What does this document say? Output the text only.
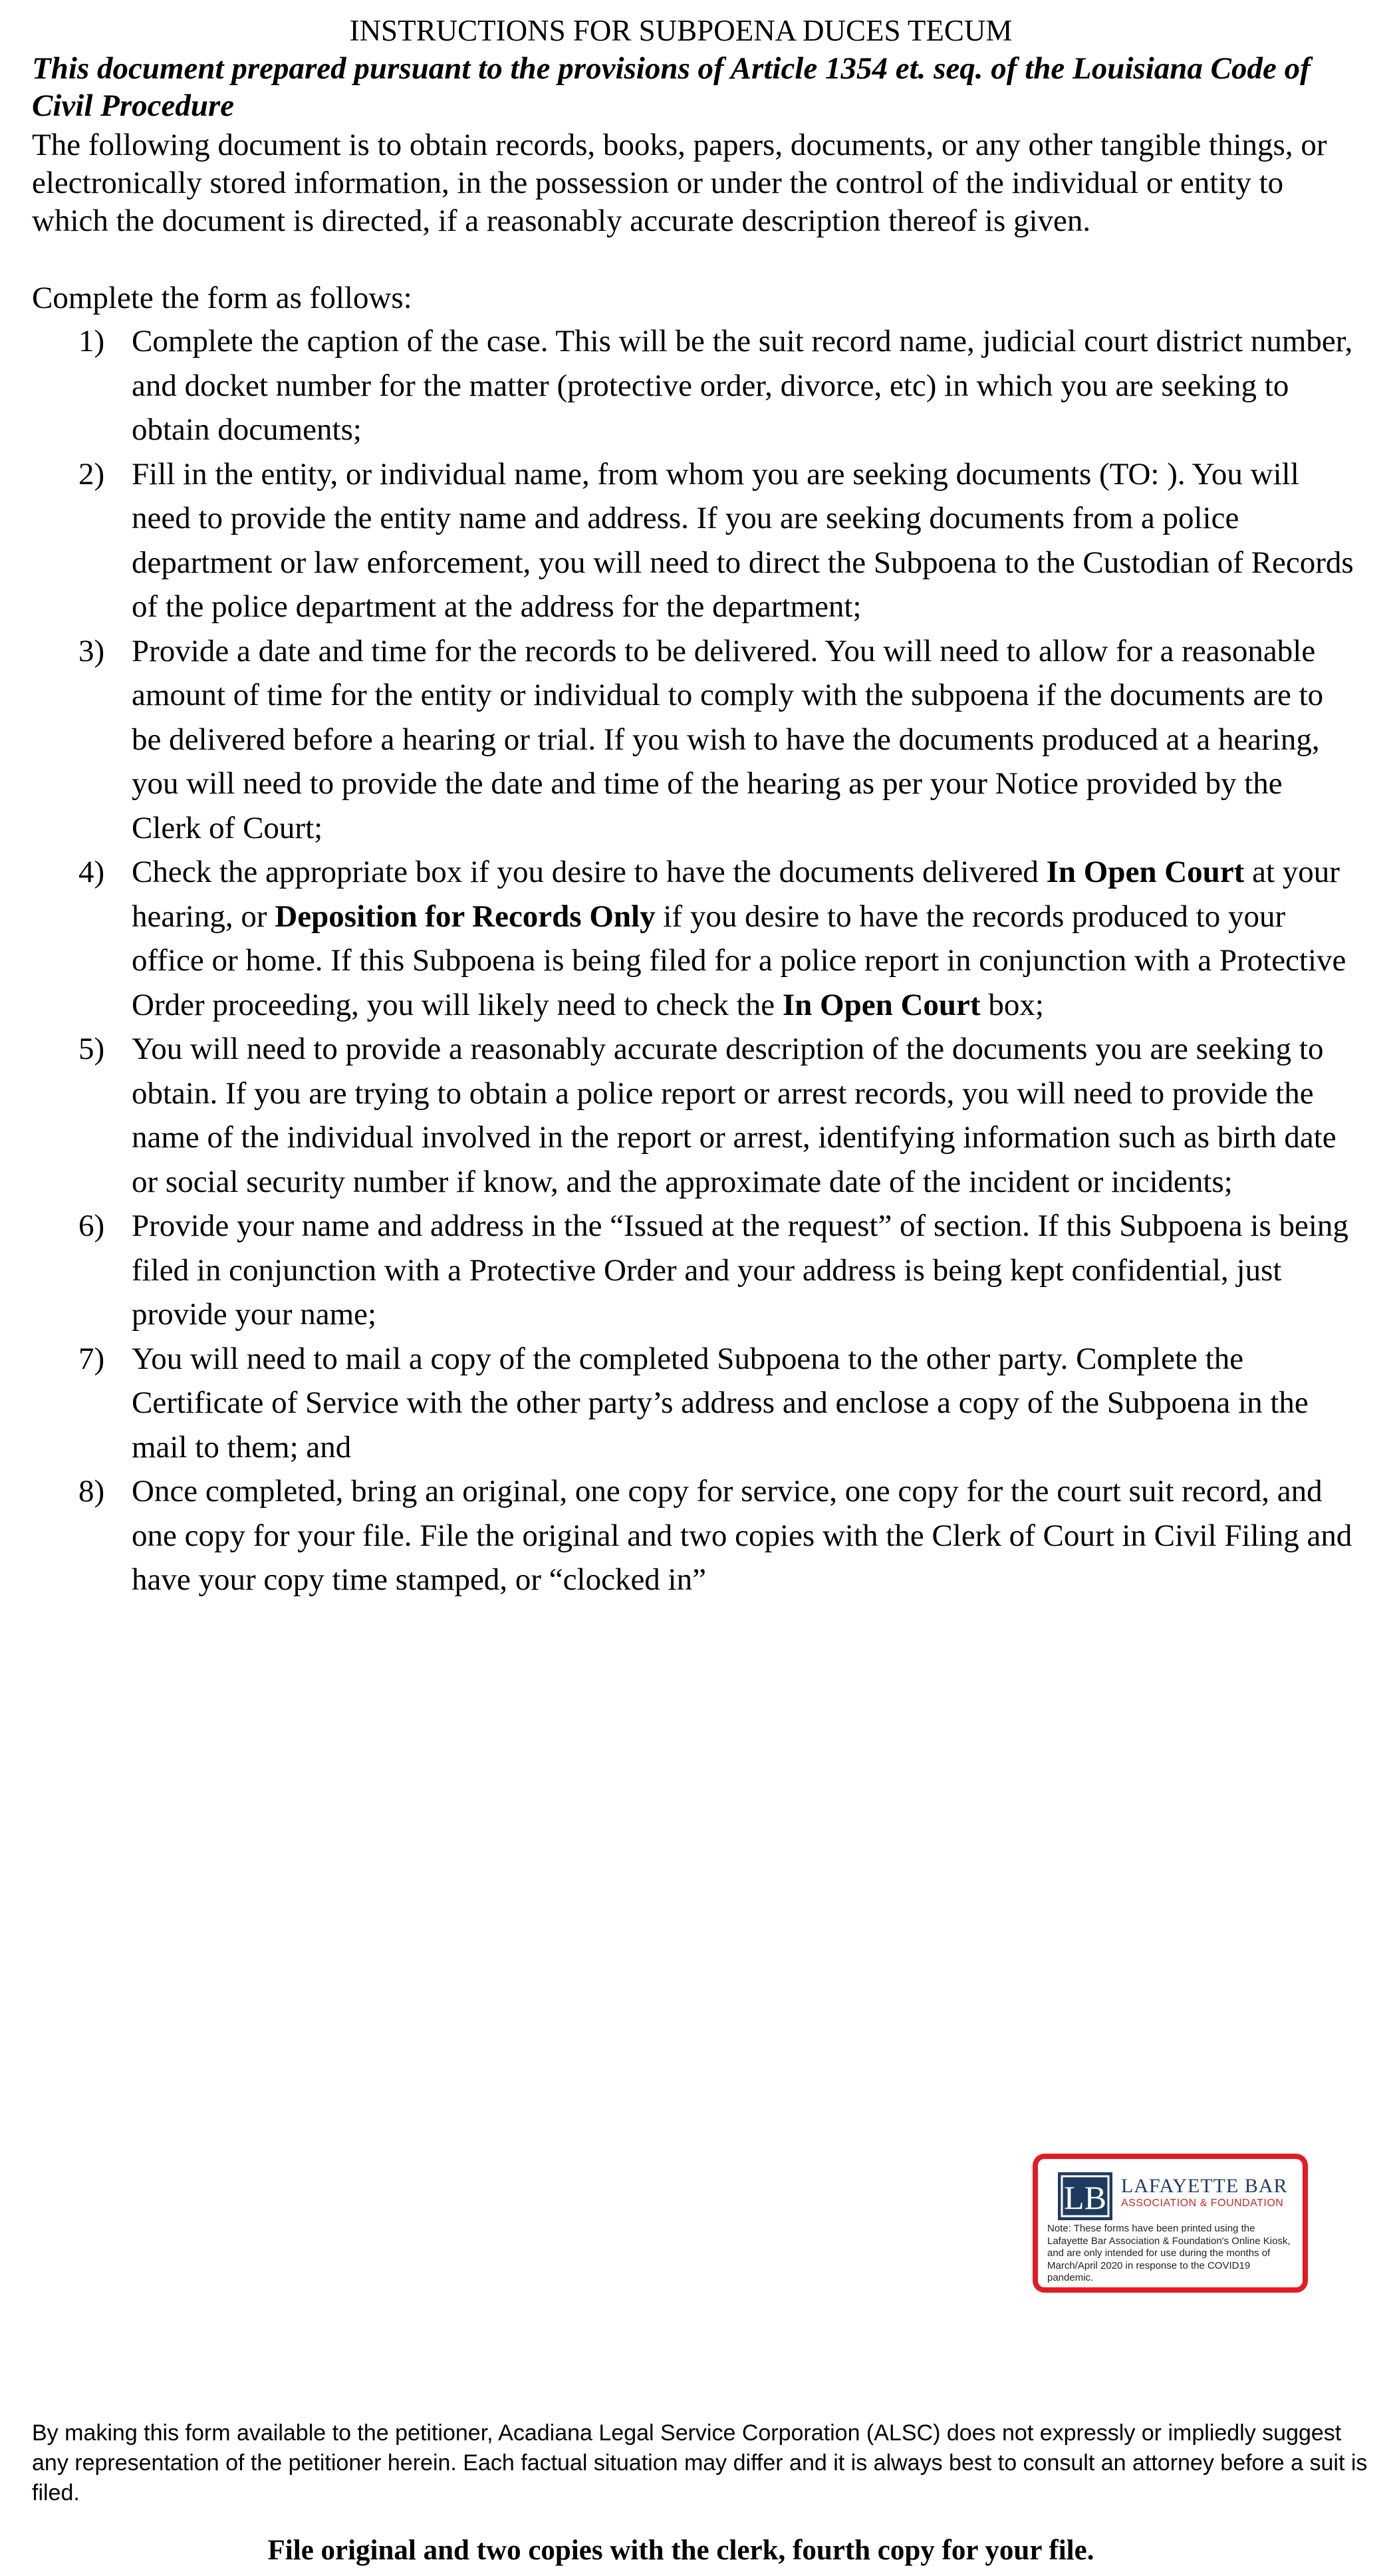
INSTRUCTIONS FOR SUBPOENA DUCES TECUM
This document prepared pursuant to the provisions of Article 1354 et. seq. of the Louisiana Code of Civil Procedure
The following document is to obtain records, books, papers, documents, or any other tangible things, or electronically stored information, in the possession or under the control of the individual or entity to which the document is directed, if a reasonably accurate description thereof is given.
Complete the form as follows:
1) Complete the caption of the case. This will be the suit record name, judicial court district number, and docket number for the matter (protective order, divorce, etc) in which you are seeking to obtain documents;
2) Fill in the entity, or individual name, from whom you are seeking documents (TO: ). You will need to provide the entity name and address. If you are seeking documents from a police department or law enforcement, you will need to direct the Subpoena to the Custodian of Records of the police department at the address for the department;
3) Provide a date and time for the records to be delivered. You will need to allow for a reasonable amount of time for the entity or individual to comply with the subpoena if the documents are to be delivered before a hearing or trial. If you wish to have the documents produced at a hearing, you will need to provide the date and time of the hearing as per your Notice provided by the Clerk of Court;
4) Check the appropriate box if you desire to have the documents delivered In Open Court at your hearing, or Deposition for Records Only if you desire to have the records produced to your office or home. If this Subpoena is being filed for a police report in conjunction with a Protective Order proceeding, you will likely need to check the In Open Court box;
5) You will need to provide a reasonably accurate description of the documents you are seeking to obtain. If you are trying to obtain a police report or arrest records, you will need to provide the name of the individual involved in the report or arrest, identifying information such as birth date or social security number if know, and the approximate date of the incident or incidents;
6) Provide your name and address in the “Issued at the request” of section. If this Subpoena is being filed in conjunction with a Protective Order and your address is being kept confidential, just provide your name;
7) You will need to mail a copy of the completed Subpoena to the other party. Complete the Certificate of Service with the other party’s address and enclose a copy of the Subpoena in the mail to them; and
8) Once completed, bring an original, one copy for service, one copy for the court suit record, and one copy for your file. File the original and two copies with the Clerk of Court in Civil Filing and have your copy time stamped, or “clocked in”
LB LAFAYETTE BAR
ASSOCIATION & FOUNDATION
Note: These forms have been printed using the Lafayette Bar Association & Foundation's Online Kiosk, and are only intended for use during the months of March/April 2020 in response to the COVID19 pandemic.
By making this form available to the petitioner, Acadiana Legal Service Corporation (ALSC) does not expressly or impliedly suggest any representation of the petitioner herein. Each factual situation may differ and it is always best to consult an attorney before a suit is filed.
File original and two copies with the clerk, fourth copy for your file.
